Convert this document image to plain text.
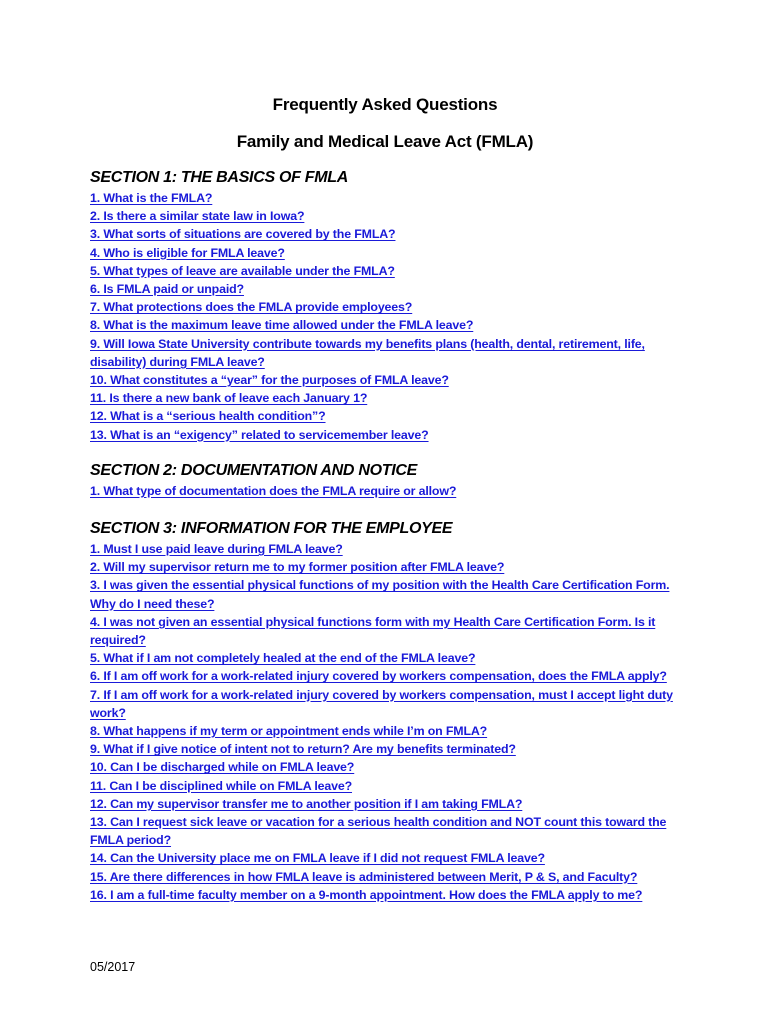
Frequently Asked Questions
Family and Medical Leave Act (FMLA)
SECTION 1: THE BASICS OF FMLA
1. What is the FMLA?
2. Is there a similar state law in Iowa?
3. What sorts of situations are covered by the FMLA?
4. Who is eligible for FMLA leave?
5. What types of leave are available under the FMLA?
6. Is FMLA paid or unpaid?
7. What protections does the FMLA provide employees?
8. What is the maximum leave time allowed under the FMLA leave?
9. Will Iowa State University contribute towards my benefits plans (health, dental, retirement, life, disability) during FMLA leave?
10. What constitutes a “year” for the purposes of FMLA leave?
11. Is there a new bank of leave each January 1?
12. What is a “serious health condition”?
13. What is an “exigency” related to servicemember leave?
SECTION 2: DOCUMENTATION AND NOTICE
1. What type of documentation does the FMLA require or allow?
SECTION 3: INFORMATION FOR THE EMPLOYEE
1. Must I use paid leave during FMLA leave?
2. Will my supervisor return me to my former position after FMLA leave?
3. I was given the essential physical functions of my position with the Health Care Certification Form. Why do I need these?
4. I was not given an essential physical functions form with my Health Care Certification Form. Is it required?
5. What if I am not completely healed at the end of the FMLA leave?
6. If I am off work for a work-related injury covered by workers compensation, does the FMLA apply?
7. If I am off work for a work-related injury covered by workers compensation, must I accept light duty work?
8. What happens if my term or appointment ends while I’m on FMLA?
9. What if I give notice of intent not to return? Are my benefits terminated?
10. Can I be discharged while on FMLA leave?
11. Can I be disciplined while on FMLA leave?
12. Can my supervisor transfer me to another position if I am taking FMLA?
13. Can I request sick leave or vacation for a serious health condition and NOT count this toward the FMLA period?
14. Can the University place me on FMLA leave if I did not request FMLA leave?
15. Are there differences in how FMLA leave is administered between Merit, P & S, and Faculty?
16. I am a full-time faculty member on a 9-month appointment. How does the FMLA apply to me?
05/2017
